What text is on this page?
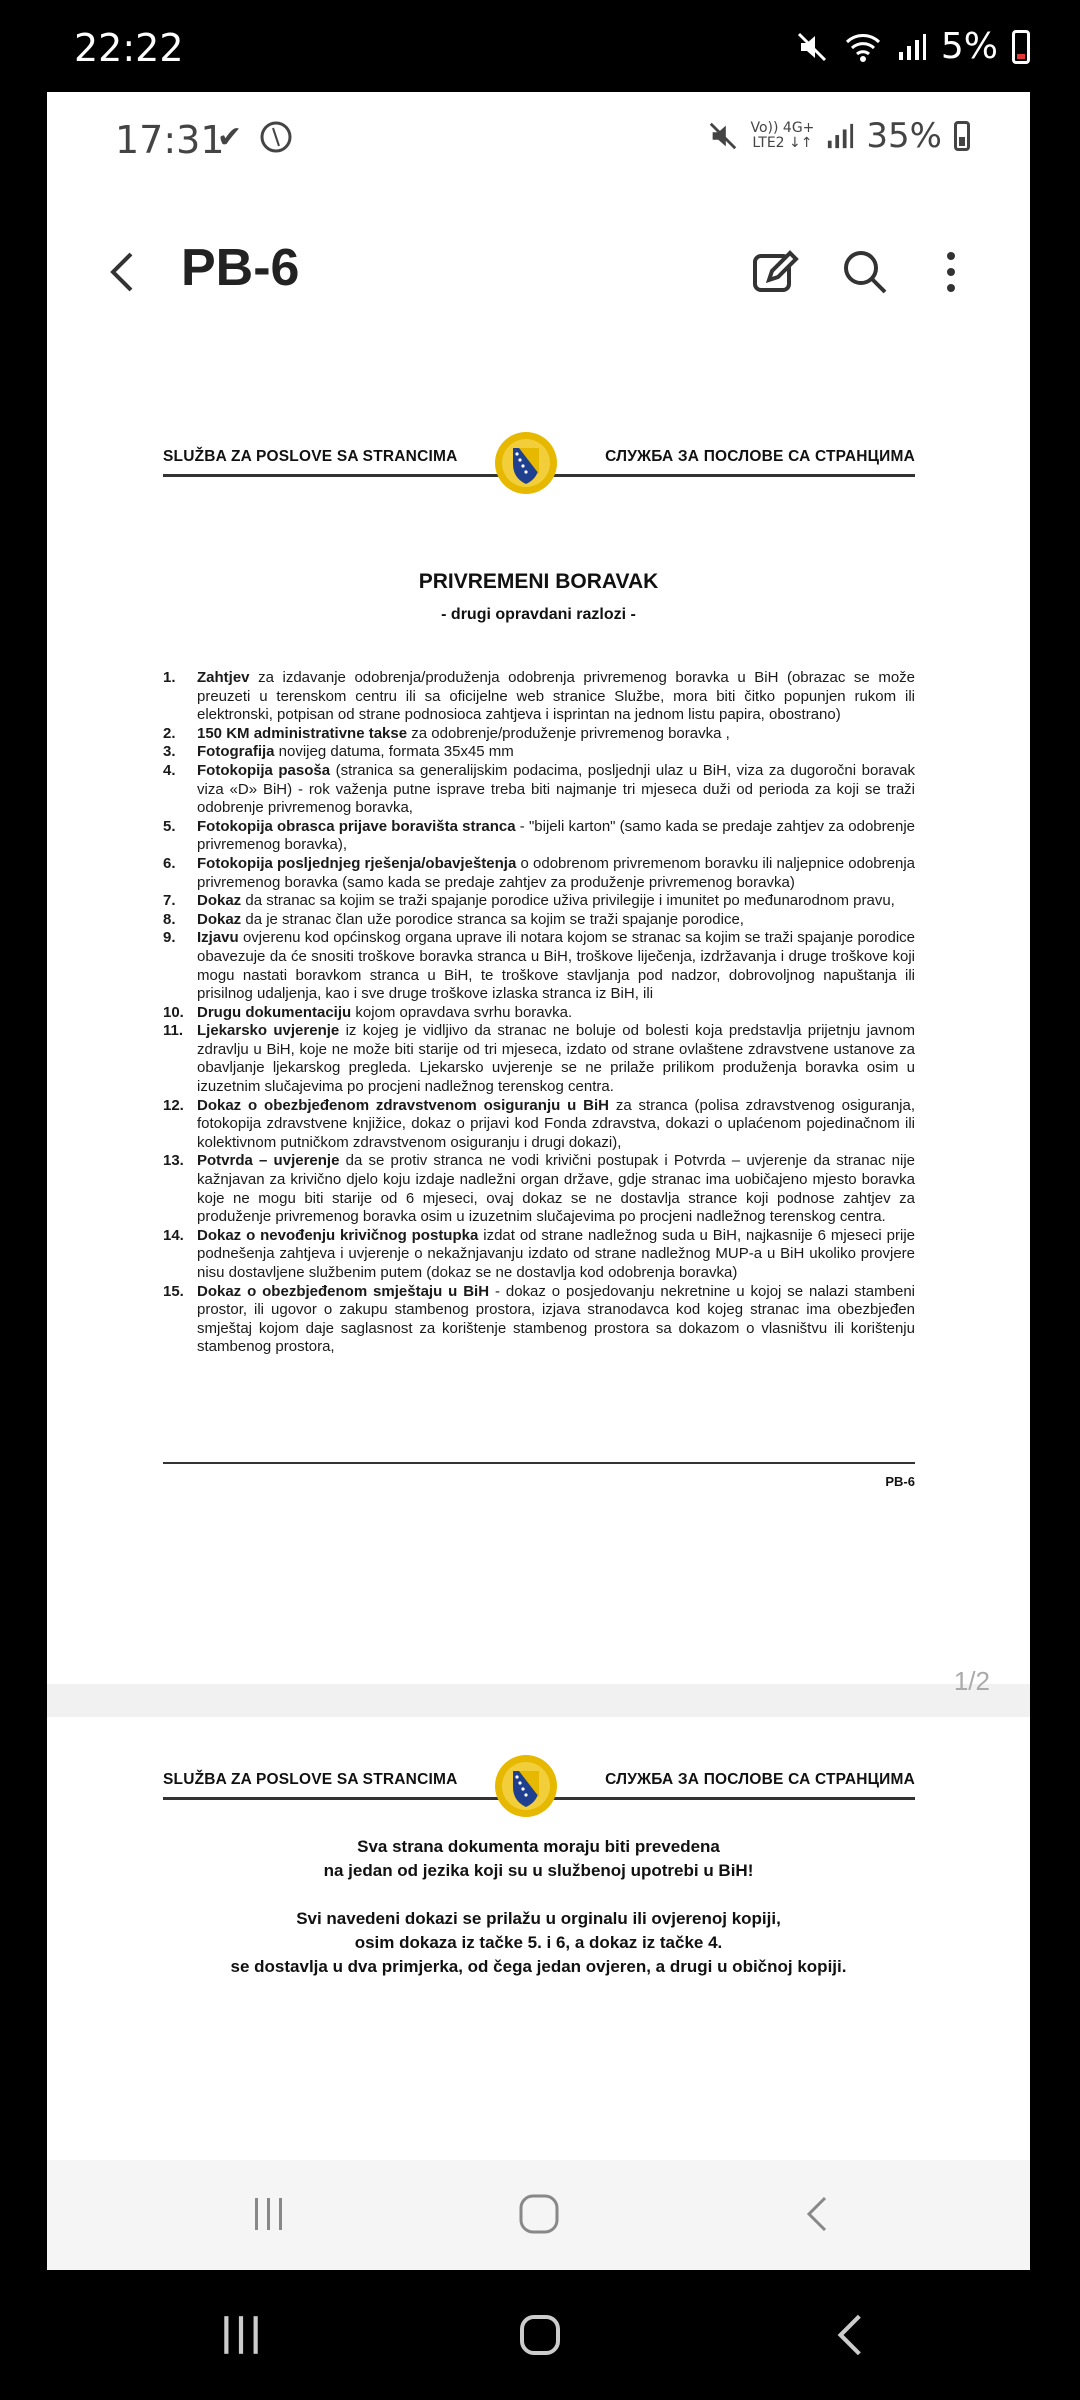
22:22	5%
17:31
✔	Vo)) 4G+
LTE2 ↓↑ 35%
PB-6
SLUŽBA ZA POSLOVE SA STRANCIMA	СЛУЖБА ЗА ПОСЛОВЕ СА СТРАНЦИМА
PRIVREMENI BORAVAK
- drugi opravdani razlozi -
1.	Zahtjev za izdavanje odobrenja/produženja odobrenja privremenog boravka u BiH (obrazac se može preuzeti u terenskom centru ili sa oficijelne web stranice Službe, mora biti čitko popunjen rukom ili elektronski, potpisan od strane podnosioca zahtjeva i isprintan na jednom listu papira, obostrano)
2.	150 KM administrativne takse za odobrenje/produženje privremenog boravka ,
3.	Fotografija novijeg datuma, formata 35x45 mm
4.	Fotokopija pasoša (stranica sa generalijskim podacima, posljednji ulaz u BiH, viza za dugoročni boravak viza «D» BiH) - rok važenja putne isprave treba biti najmanje tri mjeseca duži od perioda za koji se traži odobrenje privremenog boravka,
5.	Fotokopija obrasca prijave boravišta stranca - "bijeli karton" (samo kada se predaje zahtjev za odobrenje privremenog boravka),
6.	Fotokopija posljednjeg rješenja/obavještenja o odobrenom privremenom boravku ili naljepnice odobrenja privremenog boravka (samo kada se predaje zahtjev za produženje privremenog boravka)
7.	Dokaz da stranac sa kojim se traži spajanje porodice uživa privilegije i imunitet po međunarodnom pravu,
8.	Dokaz da je stranac član uže porodice stranca sa kojim se traži spajanje porodice,
9.	Izjavu ovjerenu kod općinskog organa uprave ili notara kojom se stranac sa kojim se traži spajanje porodice obavezuje da će snositi troškove boravka stranca u BiH, troškove liječenja, izdržavanja i druge troškove koji mogu nastati boravkom stranca u BiH, te troškove stavljanja pod nadzor, dobrovoljnog napuštanja ili prisilnog udaljenja, kao i sve druge troškove izlaska stranca iz BiH, ili
10. Drugu dokumentaciju kojom opravdava svrhu boravka.
11. Ljekarsko uvjerenje iz kojeg je vidljivo da stranac ne boluje od bolesti koja predstavlja prijetnju javnom zdravlju u BiH, koje ne može biti starije od tri mjeseca, izdato od strane ovlaštene zdravstvene ustanove za obavljanje ljekarskog pregleda. Ljekarsko uvjerenje se ne prilaže prilikom produženja boravka osim u izuzetnim slučajevima po procjeni nadležnog terenskog centra.
12. Dokaz o obezbjeđenom zdravstvenom osiguranju u BiH za stranca (polisa zdravstvenog osiguranja, fotokopija zdravstvene knjižice, dokaz o prijavi kod Fonda zdravstva, dokazi o uplaćenom pojedinačnom ili kolektivnom putničkom zdravstvenom osiguranju i drugi dokazi),
13. Potvrda – uvjerenje da se protiv stranca ne vodi krivični postupak i Potvrda – uvjerenje da stranac nije kažnjavan za krivično djelo koju izdaje nadležni organ države, gdje stranac ima uobičajeno mjesto boravka koje ne mogu biti starije od 6 mjeseci, ovaj dokaz se ne dostavlja strance koji podnose zahtjev za produženje privremenog boravka osim u izuzetnim slučajevima po procjeni nadležnog terenskog centra.
14. Dokaz o nevođenju krivičnog postupka izdat od strane nadležnog suda u BiH, najkasnije 6 mjeseci prije podnešenja zahtjeva i uvjerenje o nekažnjavanju izdato od strane nadležnog MUP-a u BiH ukoliko provjere nisu dostavljene službenim putem (dokaz se ne dostavlja kod odobrenja boravka)
15. Dokaz o obezbjeđenom smještaju u BiH - dokaz o posjedovanju nekretnine u kojoj se nalazi stambeni prostor, ili ugovor o zakupu stambenog prostora, izjava stranodavca kod kojeg stranac ima obezbjeđen smještaj kojom daje saglasnost za korištenje stambenog prostora sa dokazom o vlasništvu ili korištenju stambenog prostora,
PB-6
1/2
SLUŽBA ZA POSLOVE SA STRANCIMA	СЛУЖБА ЗА ПОСЛОВЕ СА СТРАНЦИМА
Sva strana dokumenta moraju biti prevedena
na jedan od jezika koji su u službenoj upotrebi u BiH!
Svi navedeni dokazi se prilažu u orginalu ili ovjerenoj kopiji,
osim dokaza iz tačke 5. i 6, a dokaz iz tačke 4.
se dostavlja u dva primjerka, od čega jedan ovjeren, a drugi u običnoj kopiji.
